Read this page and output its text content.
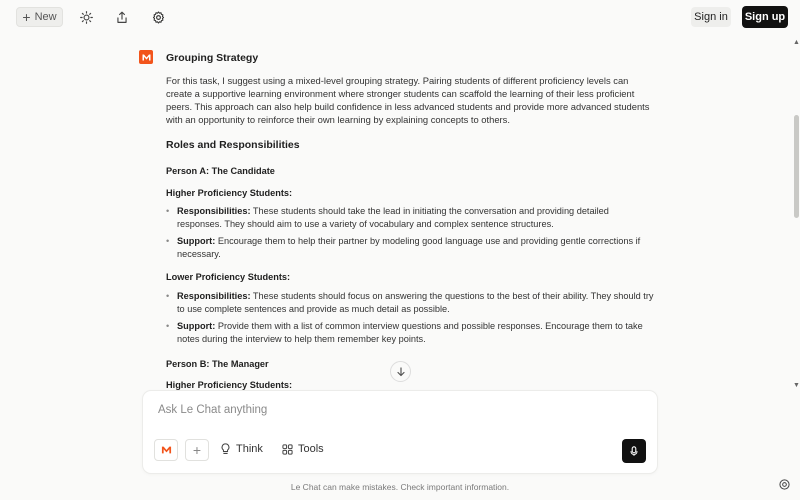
+ New	Sign in Sign up
Grouping Strategy
For this task, I suggest using a mixed-level grouping strategy. Pairing students of different proficiency levels can create a supportive learning environment where stronger students can scaffold the learning of their less proficient peers. This approach can also help build confidence in less advanced students and provide more advanced students with an opportunity to reinforce their own learning by explaining concepts to others.
Roles and Responsibilities
Person A: The Candidate
Higher Proficiency Students:
• Responsibilities: These students should take the lead in initiating the conversation and providing detailed responses. They should aim to use a variety of vocabulary and complex sentence structures.
• Support: Encourage them to help their partner by modeling good language use and providing gentle corrections if necessary.
Lower Proficiency Students:
• Responsibilities: These students should focus on answering the questions to the best of their ability. They should try to use complete sentences and provide as much detail as possible.
• Support: Provide them with a list of common interview questions and possible responses. Encourage them to take notes during the interview to help them remember key points.
Person B: The Manager
Higher Proficiency Students:
▲
▼
Ask Le Chat anything
+	Think	Tools
Le Chat can make mistakes. Check important information.
